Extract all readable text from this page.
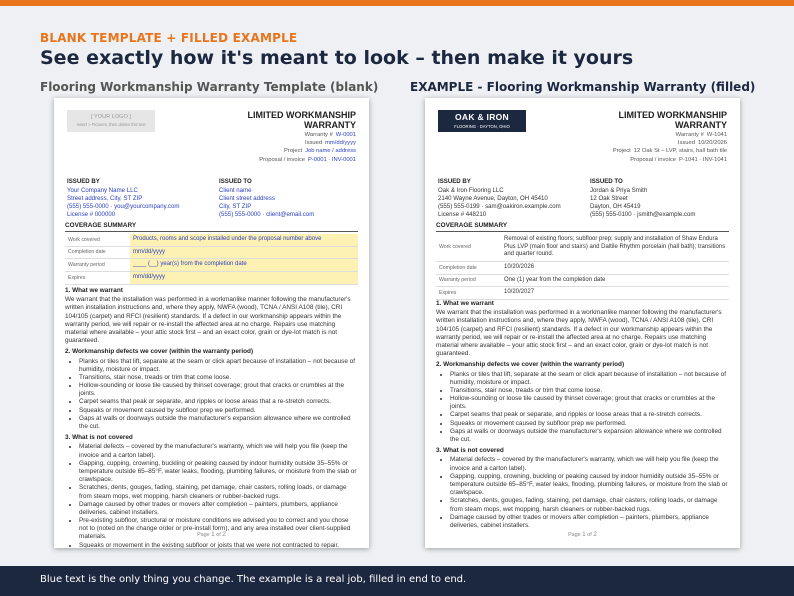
BLANK TEMPLATE + FILLED EXAMPLE
See exactly how it's meant to look – then make it yours
Flooring Workmanship Warranty Template (blank)	EXAMPLE - Flooring Workmanship Warranty (filled)
[ YOUR LOGO ]
Insert > Pictures, then delete this text
LIMITED WORKMANSHIP
WARRANTY
Warranty # W-0001
Issued mm/dd/yyyy
Project Job name / address
Proposal / invoice P-0001 · INV-0001
ISSUED BY
Your Company Name LLC
Street address, City, ST ZIP
(555) 555-0000 · you@yourcompany.com
License # 000000
ISSUED TO
Client name
Client street address
City, ST ZIP
(555) 555-0000 · client@email.com
COVERAGE SUMMARY
Work covered	Products, rooms and scope installed under the proposal number above
Completion date	mm/dd/yyyy
Warranty period	____ (__) year(s) from the completion date
Expires	mm/dd/yyyy
1. What we warrant
We warrant that the installation was performed in a workmanlike manner following the manufacturer's written installation instructions and, where they apply, NWFA (wood), TCNA / ANSI A108 (tile), CRI 104/105 (carpet) and RFCI (resilient) standards. If a defect in our workmanship appears within the warranty period, we will repair or re-install the affected area at no charge. Repairs use matching material where available – your attic stock first – and an exact color, grain or dye-lot match is not guaranteed.
2. Workmanship defects we cover (within the warranty period)
• Planks or tiles that lift, separate at the seam or click apart because of installation – not because of humidity, moisture or impact.
• Transitions, stair nose, treads or trim that come loose.
• Hollow-sounding or loose tile caused by thinset coverage; grout that cracks or crumbles at the joints.
• Carpet seams that peak or separate, and ripples or loose areas that a re-stretch corrects.
• Squeaks or movement caused by subfloor prep we performed.
• Gaps at walls or doorways outside the manufacturer's expansion allowance where we controlled the cut.
3. What is not covered
• Material defects – covered by the manufacturer's warranty, which we will help you file (keep the invoice and a carton label).
• Gapping, cupping, crowning, buckling or peaking caused by indoor humidity outside 35–55% or temperature outside 65–85°F, water leaks, flooding, plumbing failures, or moisture from the slab or crawlspace.
• Scratches, dents, gouges, fading, staining, pet damage, chair casters, rolling loads, or damage from steam mops, wet mopping, harsh cleaners or rubber-backed rugs.
• Damage caused by other trades or movers after completion – painters, plumbers, appliance deliveries, cabinet installers.
• Pre-existing subfloor, structural or moisture conditions we advised you to correct and you chose not to (noted on the change order or pre-install form), and any area installed over client-supplied materials.
• Squeaks or movement in the existing subfloor or joists that we were not contracted to repair.
Page 1 of 2
OAK & IRON
FLOORING · DAYTON, OHIO
LIMITED WORKMANSHIP
WARRANTY
Warranty # W-1041
Issued 10/20/2026
Project 12 Oak St – LVP, stairs, hall bath tile
Proposal / invoice P-1041 · INV-1041
ISSUED BY
Oak & Iron Flooring LLC
2140 Wayne Avenue, Dayton, OH 45410
(555) 555-0199 · sam@oakiron.example.com
License # 448210
ISSUED TO
Jordan & Priya Smith
12 Oak Street
Dayton, OH 45419
(555) 555-0100 · jsmith@example.com
COVERAGE SUMMARY
Work covered	Removal of existing floors; subfloor prep; supply and installation of Shaw Endura Plus LVP (main floor and stairs) and Daltile Rhythm porcelain (hall bath); transitions and quarter round.
Completion date	10/20/2026
Warranty period	One (1) year from the completion date
Expires	10/20/2027
1. What we warrant
We warrant that the installation was performed in a workmanlike manner following the manufacturer's written installation instructions and, where they apply, NWFA (wood), TCNA / ANSI A108 (tile), CRI 104/105 (carpet) and RFCI (resilient) standards. If a defect in our workmanship appears within the warranty period, we will repair or re-install the affected area at no charge. Repairs use matching material where available – your attic stock first – and an exact color, grain or dye-lot match is not guaranteed.
2. Workmanship defects we cover (within the warranty period)
• Planks or tiles that lift, separate at the seam or click apart because of installation – not because of humidity, moisture or impact.
• Transitions, stair nose, treads or trim that come loose.
• Hollow-sounding or loose tile caused by thinset coverage; grout that cracks or crumbles at the joints.
• Carpet seams that peak or separate, and ripples or loose areas that a re-stretch corrects.
• Squeaks or movement caused by subfloor prep we performed.
• Gaps at walls or doorways outside the manufacturer's expansion allowance where we controlled the cut.
3. What is not covered
• Material defects – covered by the manufacturer's warranty, which we will help you file (keep the invoice and a carton label).
• Gapping, cupping, crowning, buckling or peaking caused by indoor humidity outside 35–55% or temperature outside 65–85°F, water leaks, flooding, plumbing failures, or moisture from the slab or crawlspace.
• Scratches, dents, gouges, fading, staining, pet damage, chair casters, rolling loads, or damage from steam mops, wet mopping, harsh cleaners or rubber-backed rugs.
• Damage caused by other trades or movers after completion – painters, plumbers, appliance deliveries, cabinet installers.
Page 1 of 2
Blue text is the only thing you change. The example is a real job, filled in end to end.
